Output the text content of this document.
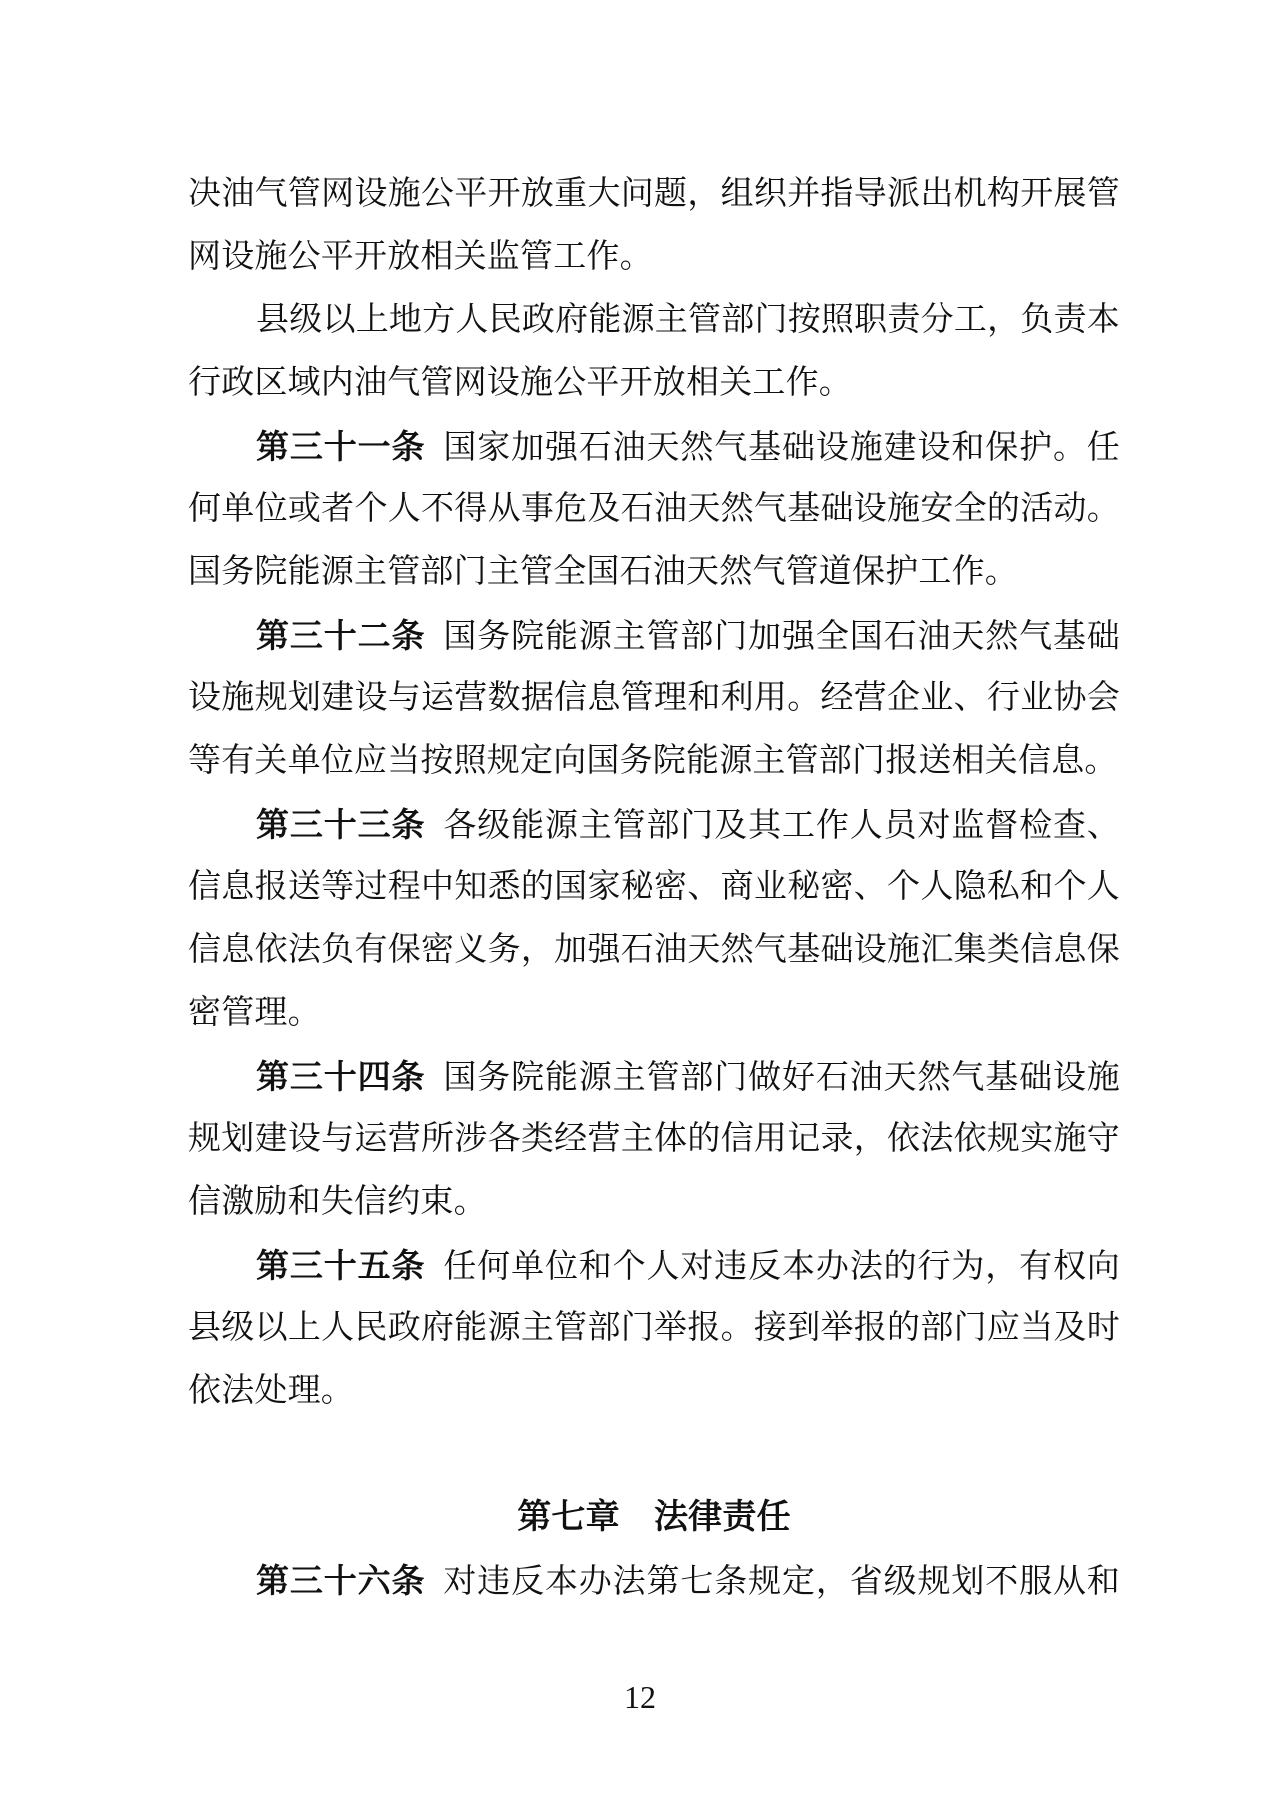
决油气管网设施公平开放重大问题，组织并指导派出机构开展管
网设施公平开放相关监管工作。
县级以上地方人民政府能源主管部门按照职责分工，负责本
行政区域内油气管网设施公平开放相关工作。
第三十一条 国家加强石油天然气基础设施建设和保护。任
何单位或者个人不得从事危及石油天然气基础设施安全的活动。
国务院能源主管部门主管全国石油天然气管道保护工作。
第三十二条 国务院能源主管部门加强全国石油天然气基础
设施规划建设与运营数据信息管理和利用。经营企业、行业协会
等有关单位应当按照规定向国务院能源主管部门报送相关信息。
第三十三条 各级能源主管部门及其工作人员对监督检查、
信息报送等过程中知悉的国家秘密、商业秘密、个人隐私和个人
信息依法负有保密义务，加强石油天然气基础设施汇集类信息保
密管理。
第三十四条 国务院能源主管部门做好石油天然气基础设施
规划建设与运营所涉各类经营主体的信用记录，依法依规实施守
信激励和失信约束。
第三十五条 任何单位和个人对违反本办法的行为，有权向
县级以上人民政府能源主管部门举报。接到举报的部门应当及时
依法处理。
第七章　法律责任
第三十六条 对违反本办法第七条规定，省级规划不服从和
12
